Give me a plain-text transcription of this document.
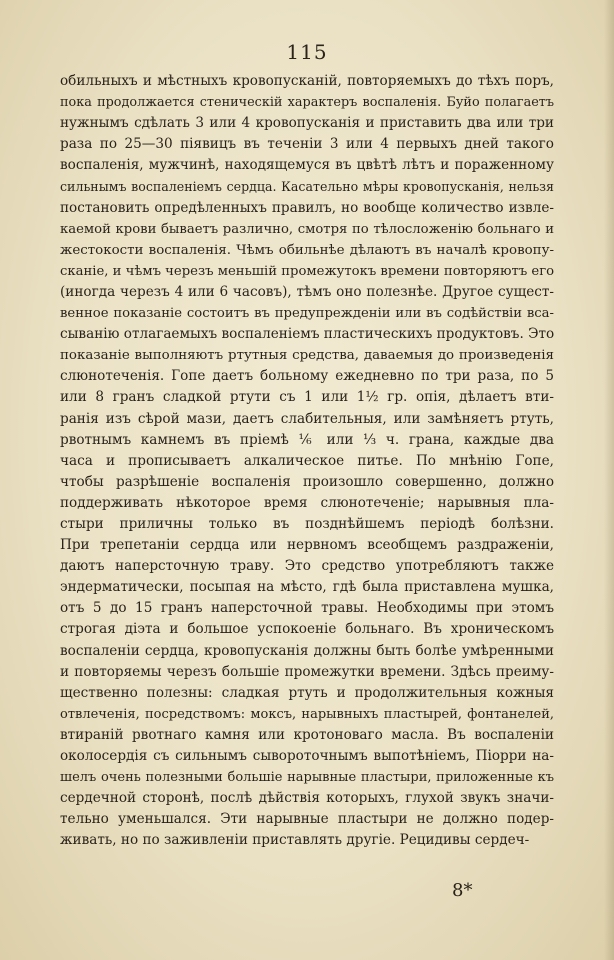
115
обильныхъ и мѣстныхъ кровопусканій, повторяемыхъ до тѣхъ поръ,
пока продолжается стеническій характеръ воспаленія. Буйо полагаетъ
нужнымъ сдѣлать 3 или 4 кровопусканія и приставить два или три
раза по 25—30 піявицъ въ теченіи 3 или 4 первыхъ дней такого
воспаленія, мужчинѣ, находящемуся въ цвѣтѣ лѣтъ и пораженному
сильнымъ воспаленіемъ сердца. Касательно мѣры кровопусканія, нельзя
постановить опредѣленныхъ правилъ, но вообще количество извле-
каемой крови бываетъ различно, смотря по тѣлосложенію больнаго и
жестокости воспаленія. Чѣмъ обильнѣе дѣлаютъ въ началѣ кровопу-
сканіе, и чѣмъ черезъ меньшій промежутокъ времени повторяютъ его
(иногда черезъ 4 или 6 часовъ), тѣмъ оно полезнѣе. Другое сущест-
венное показаніе состоитъ въ предупрежденіи или въ содѣйствіи вса-
сыванію отлагаемыхъ воспаленіемъ пластическихъ продуктовъ. Это
показаніе выполняютъ ртутныя средства, даваемыя до произведенія
слюнотеченія. Гопе даетъ больному ежедневно по три раза, по 5
или 8 гранъ сладкой ртути съ 1 или 1½ гр. опія, дѣлаетъ вти-
ранія изъ сѣрой мази, даетъ слабительныя, или замѣняетъ ртуть,
рвотнымъ камнемъ въ пріемѣ ⅙ или ⅓ ч. грана, каждые два
часа и прописываетъ алкалическое питье. По мнѣнію Гопе,
чтобы разрѣшеніе воспаленія произошло совершенно, должно
поддерживать нѣкоторое время слюнотеченіе; нарывныя пла-
стыри приличны только въ позднѣйшемъ періодѣ болѣзни.
При трепетаніи сердца или нервномъ всеобщемъ раздраженіи,
даютъ наперсточную траву. Это средство употребляютъ также
эндерматически, посыпая на мѣсто, гдѣ была приставлена мушка,
отъ 5 до 15 гранъ наперсточной травы. Необходимы при этомъ
строгая діэта и большое успокоеніе больнаго. Въ хроническомъ
воспаленіи сердца, кровопусканія должны быть болѣе умѣренными
и повторяемы черезъ большіе промежутки времени. Здѣсь преиму-
щественно полезны: сладкая ртуть и продолжительныя кожныя
отвлеченія, посредствомъ: моксъ, нарывныхъ пластырей, фонтанелей,
втираній рвотнаго камня или кротоноваго масла. Въ воспаленіи
околосердія съ сильнымъ сывороточнымъ выпотѣніемъ, Піорри на-
шелъ очень полезными большіе нарывные пластыри, приложенные къ
сердечной сторонѣ, послѣ дѣйствія которыхъ, глухой звукъ значи-
тельно уменьшался. Эти нарывные пластыри не должно подер-
живать, но по заживленіи приставлять другіе. Рецидивы сердеч-
8*
